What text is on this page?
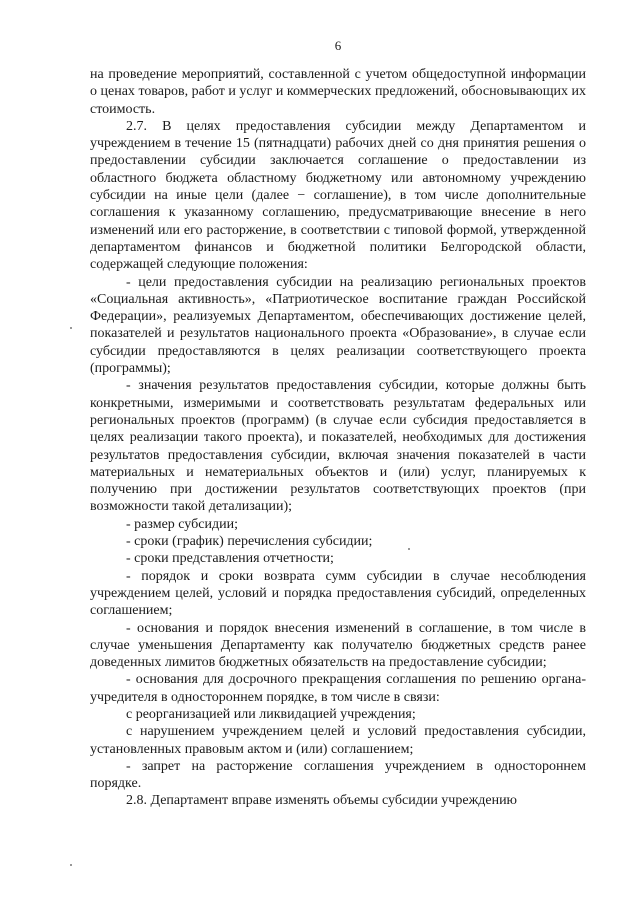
6

на проведение мероприятий, составленной с учетом общедоступной информации о ценах товаров, работ и услуг и коммерческих предложений, обосновывающих их стоимость.

2.7. В целях предоставления субсидии между Департаментом и учреждением в течение 15 (пятнадцати) рабочих дней со дня принятия решения о предоставлении субсидии заключается соглашение о предоставлении из областного бюджета областному бюджетному или автономному учреждению субсидии на иные цели (далее − соглашение), в том числе дополнительные соглашения к указанному соглашению, предусматривающие внесение в него изменений или его расторжение, в соответствии с типовой формой, утвержденной департаментом финансов и бюджетной политики Белгородской области, содержащей следующие положения:

- цели предоставления субсидии на реализацию региональных проектов «Социальная активность», «Патриотическое воспитание граждан Российской Федерации», реализуемых Департаментом, обеспечивающих достижение целей, показателей и результатов национального проекта «Образование», в случае если субсидии предоставляются в целях реализации соответствующего проекта (программы);

- значения результатов предоставления субсидии, которые должны быть конкретными, измеримыми и соответствовать результатам федеральных или региональных проектов (программ) (в случае если субсидия предоставляется в целях реализации такого проекта), и показателей, необходимых для достижения результатов предоставления субсидии, включая значения показателей в части материальных и нематериальных объектов и (или) услуг, планируемых к получению при достижении результатов соответствующих проектов (при возможности такой детализации);

- размер субсидии;

- сроки (график) перечисления субсидии;

- сроки представления отчетности;

- порядок и сроки возврата сумм субсидии в случае несоблюдения учреждением целей, условий и порядка предоставления субсидий, определенных соглашением;

- основания и порядок внесения изменений в соглашение, в том числе в случае уменьшения Департаменту как получателю бюджетных средств ранее доведенных лимитов бюджетных обязательств на предоставление субсидии;

- основания для досрочного прекращения соглашения по решению органа-учредителя в одностороннем порядке, в том числе в связи:

с реорганизацией или ликвидацией учреждения;

с нарушением учреждением целей и условий предоставления субсидии, установленных правовым актом и (или) соглашением;

- запрет на расторжение соглашения учреждением в одностороннем порядке.

2.8. Департамент вправе изменять объемы субсидии учреждению
